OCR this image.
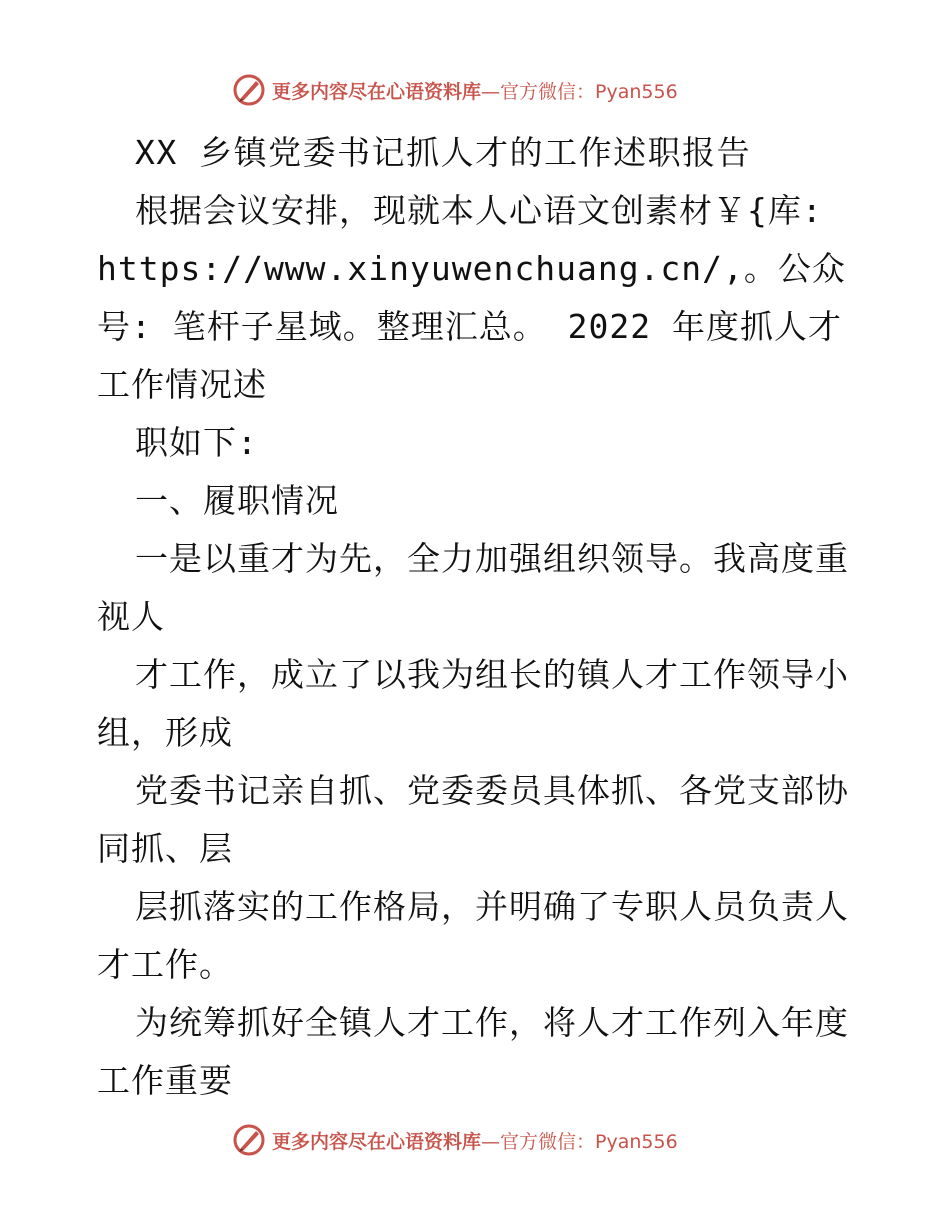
更多内容尽在心语资料库 —官方微信：Pyan556

XX 乡镇党委书记抓人才的工作述职报告

根据会议安排，现就本人心语文创素材￥{库: https://www.xinyuwenchuang.cn/,。公众号: 笔杆子星域。整理汇总。 2022 年度抓人才工作情况述

职如下:

一、履职情况

一是以重才为先，全力加强组织领导。我高度重视人

才工作，成立了以我为组长的镇人才工作领导小组，形成

党委书记亲自抓、党委委员具体抓、各党支部协同抓、层

层抓落实的工作格局，并明确了专职人员负责人才工作。

为统筹抓好全镇人才工作，将人才工作列入年度工作重要

更多内容尽在心语资料库 —官方微信：Pyan556
